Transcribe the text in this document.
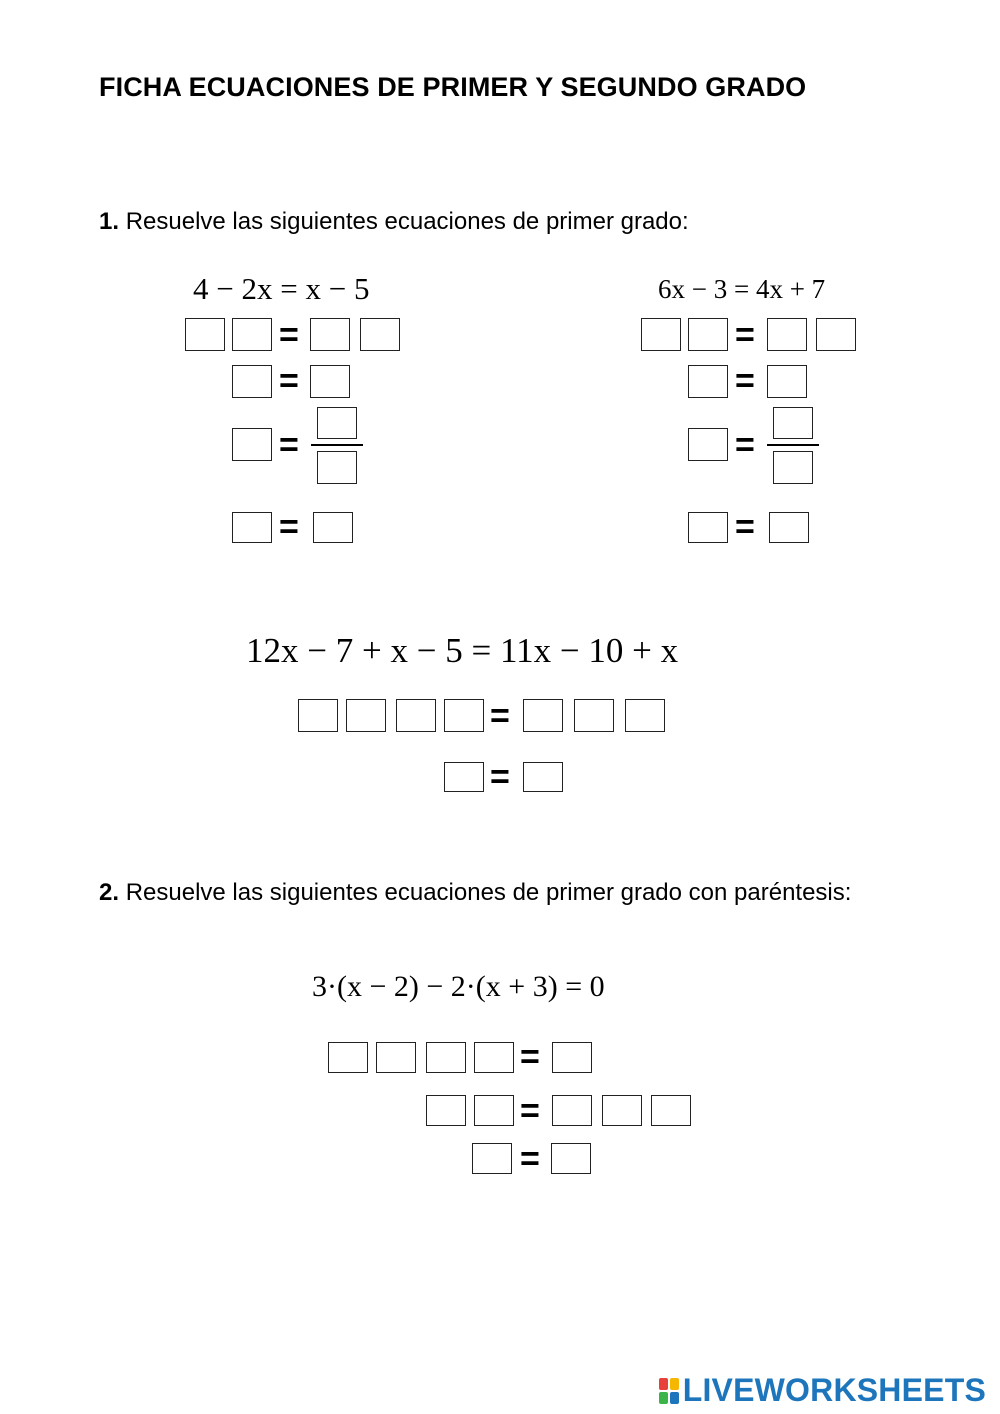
FICHA ECUACIONES DE PRIMER Y SEGUNDO GRADO
1. Resuelve las siguientes ecuaciones de primer grado:
4 − 2x = x − 5
=
=
=
=
6x − 3 = 4x + 7
=
=
=
=
12x − 7 + x − 5 = 11x − 10 + x
=
=
2. Resuelve las siguientes ecuaciones de primer grado con paréntesis:
3·(x − 2) − 2·(x + 3) = 0
=
=
=
LIVEWORKSHEETS
